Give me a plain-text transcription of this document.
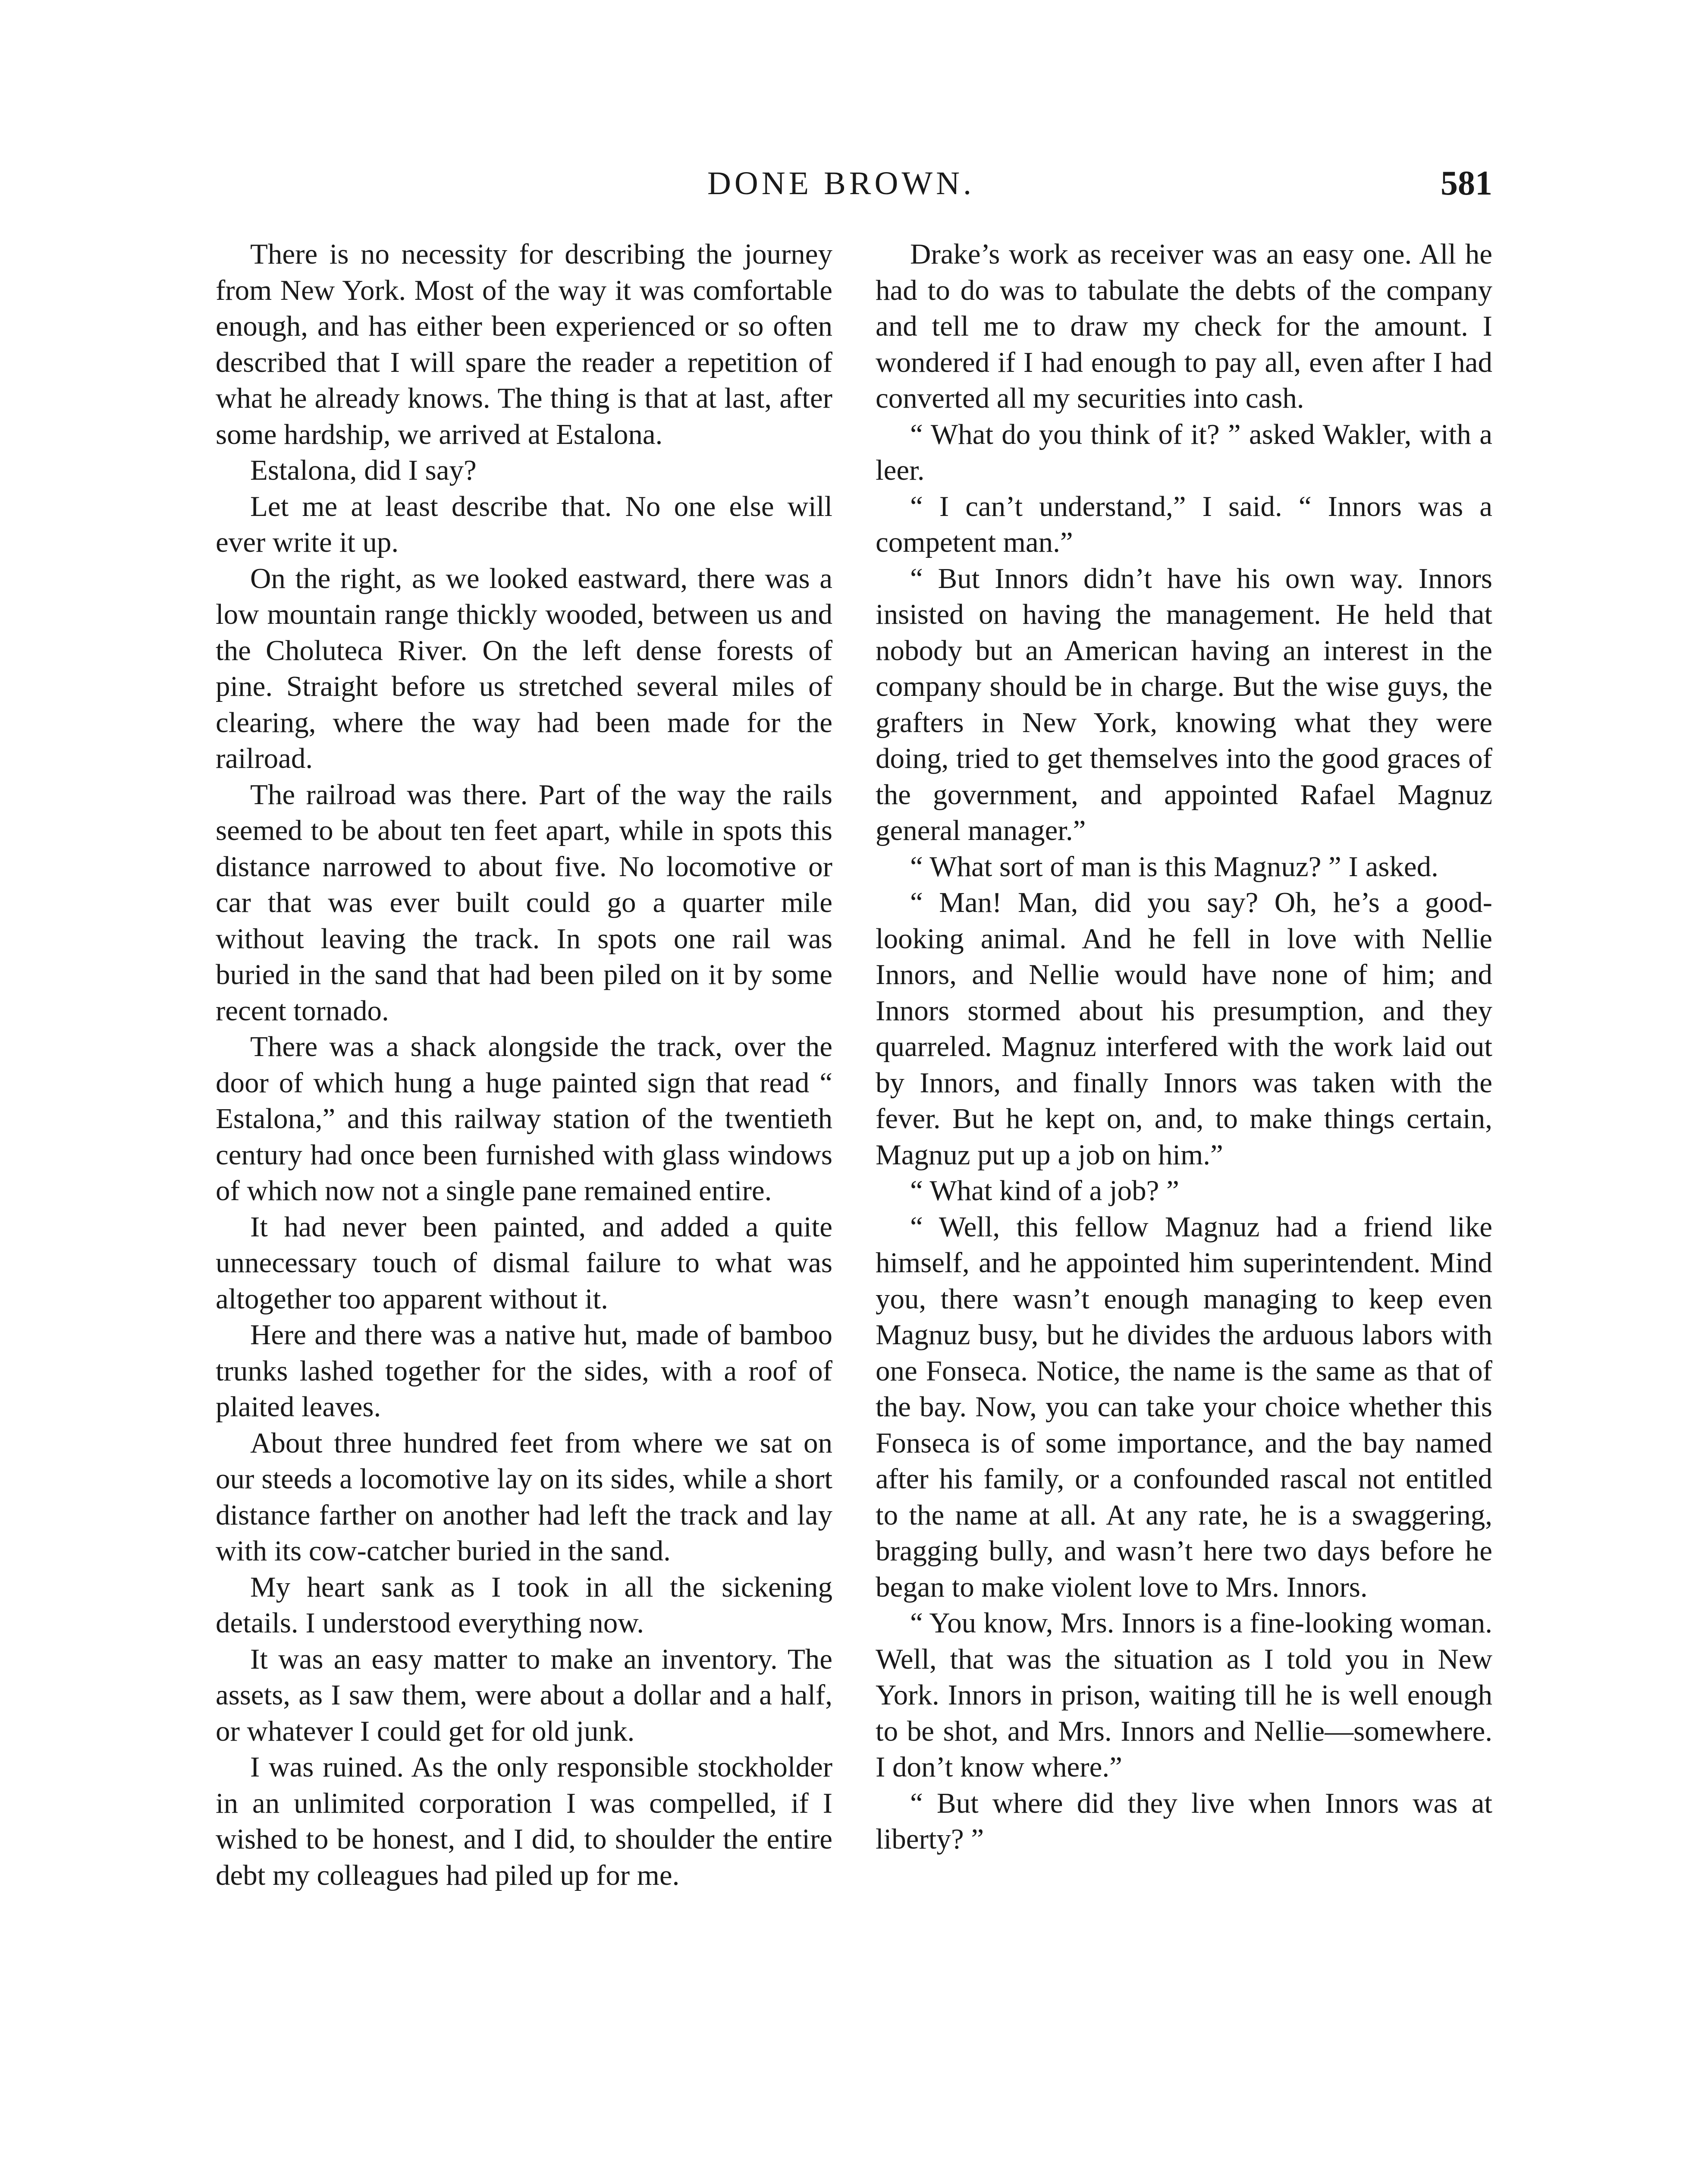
DONE BROWN.	581

There is no necessity for describing the journey from New York. Most of the way it was comfortable enough, and has either been experienced or so often described that I will spare the reader a repetition of what he already knows. The thing is that at last, after some hardship, we arrived at Estalona.

Estalona, did I say?

Let me at least describe that. No one else will ever write it up.

On the right, as we looked eastward, there was a low mountain range thickly wooded, between us and the Choluteca River. On the left dense forests of pine. Straight before us stretched several miles of clearing, where the way had been made for the railroad.

The railroad was there. Part of the way the rails seemed to be about ten feet apart, while in spots this distance narrowed to about five. No locomotive or car that was ever built could go a quarter mile without leaving the track. In spots one rail was buried in the sand that had been piled on it by some recent tornado.

There was a shack alongside the track, over the door of which hung a huge painted sign that read “ Estalona,” and this railway station of the twentieth century had once been furnished with glass windows of which now not a single pane remained entire.

It had never been painted, and added a quite unnecessary touch of dismal failure to what was altogether too apparent without it.

Here and there was a native hut, made of bamboo trunks lashed together for the sides, with a roof of plaited leaves.

About three hundred feet from where we sat on our steeds a locomotive lay on its sides, while a short distance farther on another had left the track and lay with its cow-catcher buried in the sand.

My heart sank as I took in all the sickening details. I understood everything now.

It was an easy matter to make an inventory. The assets, as I saw them, were about a dollar and a half, or whatever I could get for old junk.

I was ruined. As the only responsible stockholder in an unlimited corporation I was compelled, if I wished to be honest, and I did, to shoulder the entire debt my colleagues had piled up for me.

Drake’s work as receiver was an easy one. All he had to do was to tabulate the debts of the company and tell me to draw my check for the amount. I wondered if I had enough to pay all, even after I had converted all my securities into cash.

“ What do you think of it? ” asked Wakler, with a leer.

“ I can’t understand,” I said. “ Innors was a competent man.”

“ But Innors didn’t have his own way. Innors insisted on having the management. He held that nobody but an American having an interest in the company should be in charge. But the wise guys, the grafters in New York, knowing what they were doing, tried to get themselves into the good graces of the government, and appointed Rafael Magnuz general manager.”

“ What sort of man is this Magnuz? ” I asked.

“ Man! Man, did you say? Oh, he’s a good-looking animal. And he fell in love with Nellie Innors, and Nellie would have none of him; and Innors stormed about his presumption, and they quarreled. Magnuz interfered with the work laid out by Innors, and finally Innors was taken with the fever. But he kept on, and, to make things certain, Magnuz put up a job on him.”

“ What kind of a job? ”

“ Well, this fellow Magnuz had a friend like himself, and he appointed him superintendent. Mind you, there wasn’t enough managing to keep even Magnuz busy, but he divides the arduous labors with one Fonseca. Notice, the name is the same as that of the bay. Now, you can take your choice whether this Fonseca is of some importance, and the bay named after his family, or a confounded rascal not entitled to the name at all. At any rate, he is a swaggering, bragging bully, and wasn’t here two days before he began to make violent love to Mrs. Innors.

“ You know, Mrs. Innors is a fine-looking woman. Well, that was the situation as I told you in New York. Innors in prison, waiting till he is well enough to be shot, and Mrs. Innors and Nellie—somewhere. I don’t know where.”

“ But where did they live when Innors was at liberty? ”
